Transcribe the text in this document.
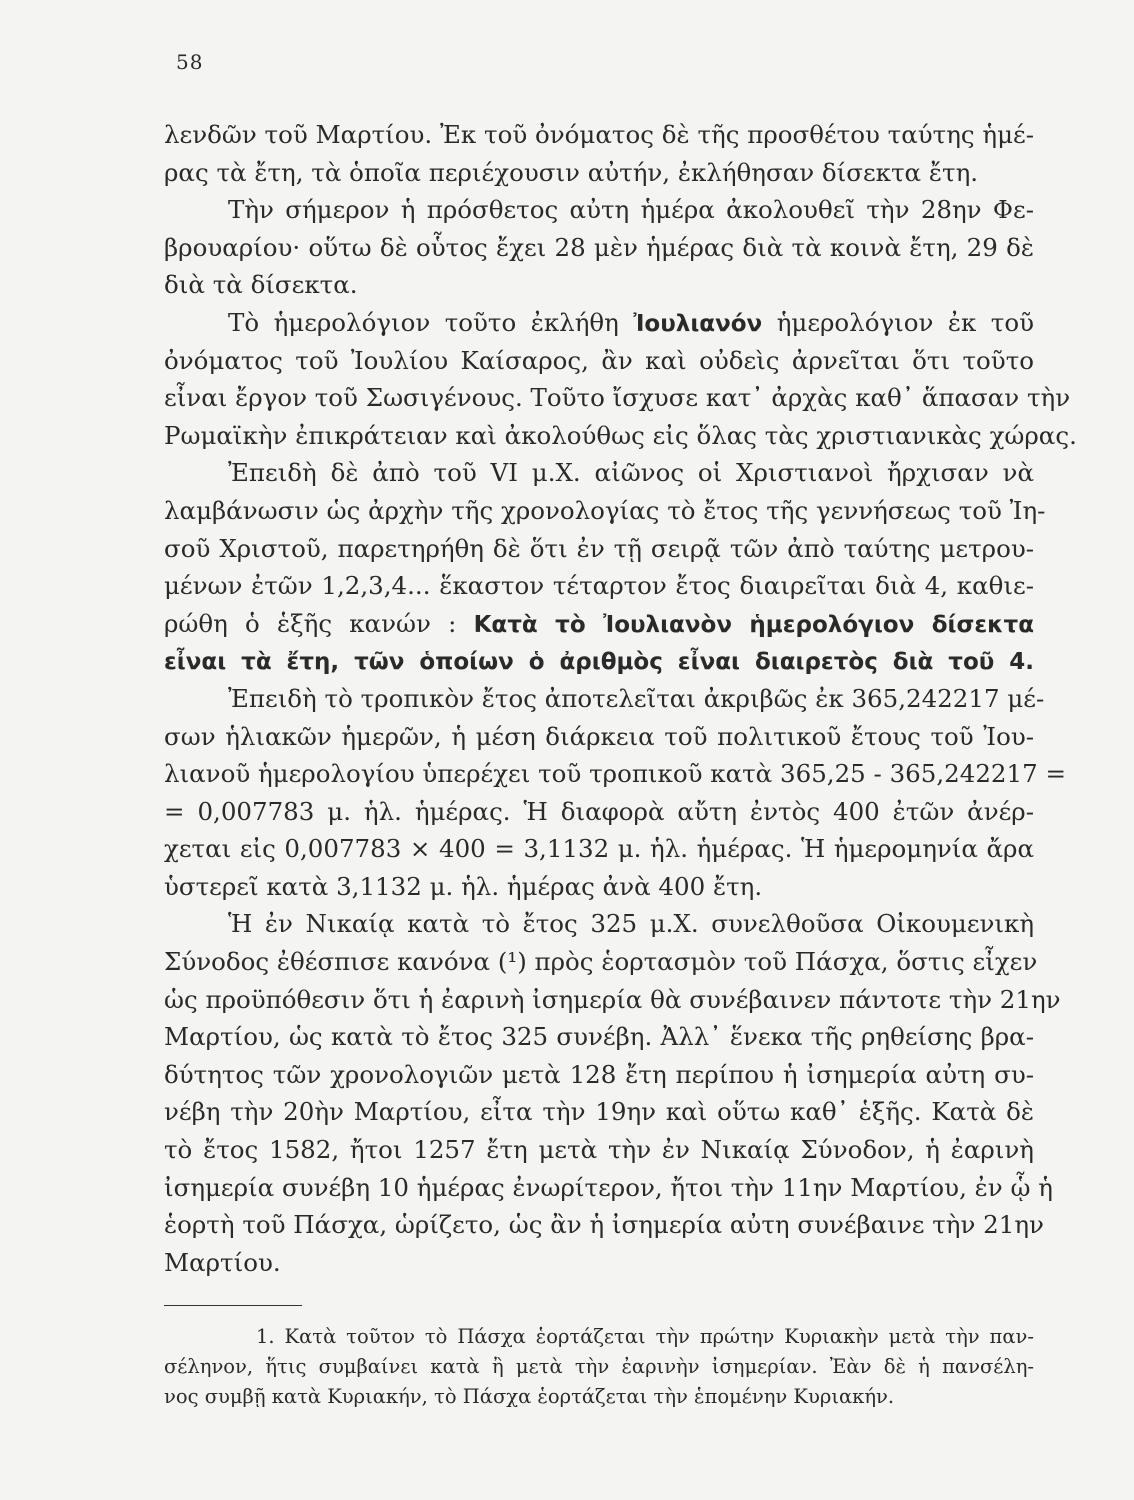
58
λενδῶν τοῦ Μαρτίου. Ἐκ τοῦ ὀνόματος δὲ τῆς προσθέτου ταύτης ἡμέ-
ρας τὰ ἔτη, τὰ ὁποῖα περιέχουσιν αὐτήν, ἐκλήθησαν δίσεκτα ἔτη.
Τὴν σήμερον ἡ πρόσθετος αὐτη ἡμέρα ἀκολουθεῖ τὴν 28ην Φε-
βρουαρίου· οὕτω δὲ οὗτος ἔχει 28 μὲν ἡμέρας διὰ τὰ κοινὰ ἔτη, 29 δὲ
διὰ τὰ δίσεκτα.
Τὸ ἡμερολόγιον τοῦτο ἐκλήθη Ἰουλιανόν ἡμερολόγιον ἐκ τοῦ
ὀνόματος τοῦ Ἰουλίου Καίσαρος, ἂν καὶ οὐδεὶς ἀρνεῖται ὅτι τοῦτο
εἶναι ἔργον τοῦ Σωσιγένους. Τοῦτο ἴσχυσε κατ᾽ ἀρχὰς καθ᾽ ἅπασαν τὴν
Ρωμαϊκὴν ἐπικράτειαν καὶ ἀκολούθως εἰς ὅλας τὰς χριστιανικὰς χώρας.
Ἐπειδὴ δὲ ἀπὸ τοῦ VI μ.Χ. αἰῶνος οἱ Χριστιανοὶ ἤρχισαν νὰ
λαμβάνωσιν ὡς ἀρχὴν τῆς χρονολογίας τὸ ἔτος τῆς γεννήσεως τοῦ Ἰη-
σοῦ Χριστοῦ, παρετηρήθη δὲ ὅτι ἐν τῇ σειρᾷ τῶν ἀπὸ ταύτης μετρου-
μένων ἐτῶν 1,2,3,4... ἕκαστον τέταρτον ἔτος διαιρεῖται διὰ 4, καθιε-
ρώθη ὁ ἑξῆς κανών : Κατὰ τὸ Ἰουλιανὸν ἡμερολόγιον δίσεκτα
εἶναι τὰ ἔτη, τῶν ὁποίων ὁ ἀριθμὸς εἶναι διαιρετὸς διὰ τοῦ 4.
Ἐπειδὴ τὸ τροπικὸν ἔτος ἀποτελεῖται ἀκριβῶς ἐκ 365,242217 μέ-
σων ἡλιακῶν ἡμερῶν, ἡ μέση διάρκεια τοῦ πολιτικοῦ ἔτους τοῦ Ἰου-
λιανοῦ ἡμερολογίου ὑπερέχει τοῦ τροπικοῦ κατὰ 365,25 - 365,242217 =
= 0,007783 μ. ἡλ. ἡμέρας. Ἡ διαφορὰ αὔτη ἐντὸς 400 ἐτῶν ἀνέρ-
χεται εἰς 0,007783 × 400 = 3,1132 μ. ἡλ. ἡμέρας. Ἡ ἡμερομηνία ἄρα
ὑστερεῖ κατὰ 3,1132 μ. ἡλ. ἡμέρας ἀνὰ 400 ἔτη.
Ἡ ἐν Νικαίᾳ κατὰ τὸ ἔτος 325 μ.Χ. συνελθοῦσα Οἰκουμενικὴ
Σύνοδος ἐθέσπισε κανόνα (¹) πρὸς ἑορτασμὸν τοῦ Πάσχα, ὅστις εἶχεν
ὡς προϋπόθεσιν ὅτι ἡ ἐαρινὴ ἰσημερία θὰ συνέβαινεν πάντοτε τὴν 21ην
Μαρτίου, ὡς κατὰ τὸ ἔτος 325 συνέβη. Ἀλλ᾽ ἕνεκα τῆς ρηθείσης βρα-
δύτητος τῶν χρονολογιῶν μετὰ 128 ἔτη περίπου ἡ ἰσημερία αὐτη συ-
νέβη τὴν 20ὴν Μαρτίου, εἶτα τὴν 19ην καὶ οὕτω καθ᾽ ἑξῆς. Κατὰ δὲ
τὸ ἔτος 1582, ἤτοι 1257 ἔτη μετὰ τὴν ἐν Νικαίᾳ Σύνοδον, ἡ ἐαρινὴ
ἰσημερία συνέβη 10 ἡμέρας ἐνωρίτερον, ἤτοι τὴν 11ην Μαρτίου, ἐν ᾧ ἡ
ἑορτὴ τοῦ Πάσχα, ὡρίζετο, ὡς ἂν ἡ ἰσημερία αὐτη συνέβαινε τὴν 21ην
Μαρτίου.
1. Κατὰ τοῦτον τὸ Πάσχα ἑορτάζεται τὴν πρώτην Κυριακὴν μετὰ τὴν παν-
σέληνον, ἥτις συμβαίνει κατὰ ἢ μετὰ τὴν ἐαρινὴν ἰσημερίαν. Ἐὰν δὲ ἡ πανσέλη-
νος συμβῇ κατὰ Κυριακήν, τὸ Πάσχα ἑορτάζεται τὴν ἑπομένην Κυριακήν.
